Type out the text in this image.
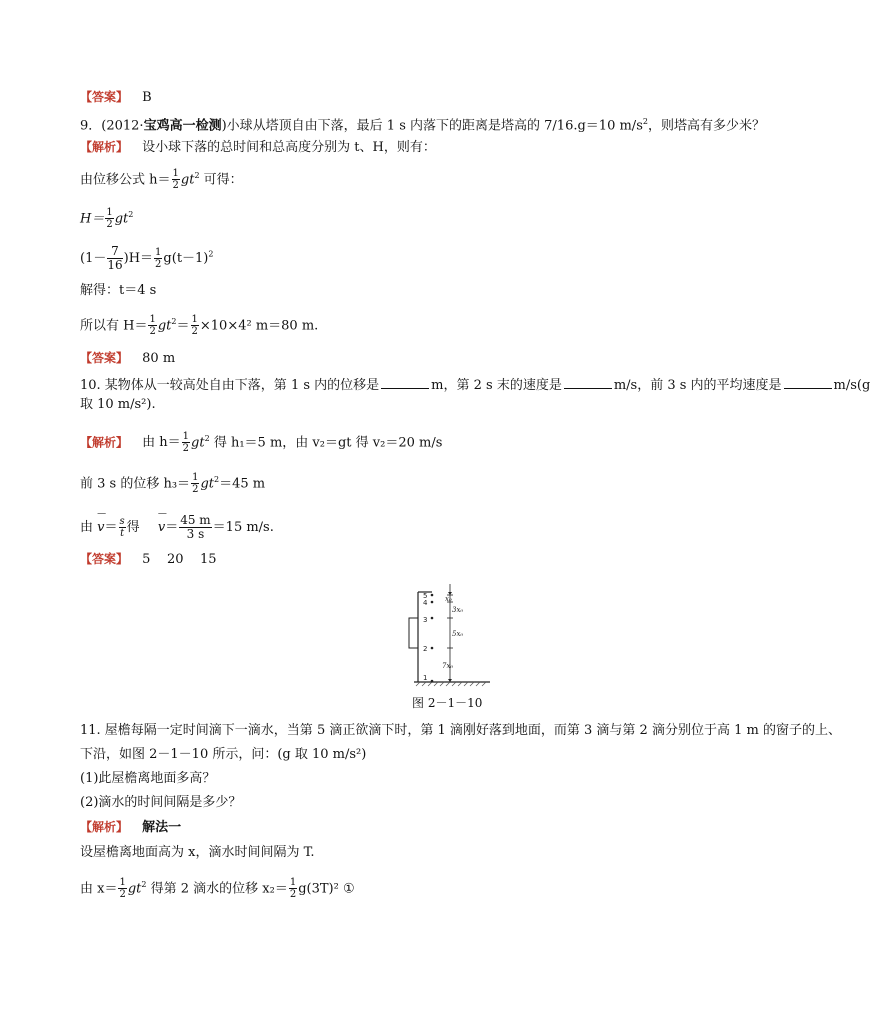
【答案】 B
9．(2012·宝鸡高一检测)小球从塔顶自由下落，最后 1 s 内落下的距离是塔高的 7/16.g＝10 $m/s^2$，则塔高有多少米？
【解析】 设小球下落的总时间和总高度分别为 t、H，则有：
由位移公式 $h= \frac{1}{2} gt^2$ 可得：
$H= \frac{1}{2} gt^2$
$(1- \frac{7}{16} )H= \frac{1}{2} g(t-1)^2$
解得：t＝4 s
所以有 $H= \frac{1}{2} gt^2= \frac{1}{2} \times 10\times 4^2$ m＝80 m.
【答案】 80 m
10. 某物体从一较高处自由下落，第 1 s 内的位移是	m，第 2 s 末的速度是	m/s，前 3 s 内的平均速度是	m/s(g
取 10 m/s²).
【解析】 由 $h= \frac{1}{2} gt^2$ 得 h₁＝5 m，由 v₂＝gt 得 v₂＝20 m/s
前 3 s 的位移 $h_3= \frac{1}{2} gt^2=45$ m
由 — $v= \frac{s}{t}$ 得 — $v= \frac{45 m}{3 s} =15$ m/s.
【答案】 5    20    15
5
4
3
2
1
x₀
3x₀
5x₀
7x₀
图 2－1－10
11. 屋檐每隔一定时间滴下一滴水，当第 5 滴正欲滴下时，第 1 滴刚好落到地面，而第 3 滴与第 2 滴分别位于高 1 m 的窗子的上、
下沿，如图 2－1－10 所示，问：(g 取 10 m/s²)
(1)此屋檐离地面多高？
(2)滴水的时间间隔是多少？
【解析】 解法一
设屋檐离地面高为 x，滴水时间间隔为 T.
由 $x= \frac{1}{2} gt^2$ 得第 2 滴水的位移 $x_2= \frac{1}{2} g(3T)^2$ ①
